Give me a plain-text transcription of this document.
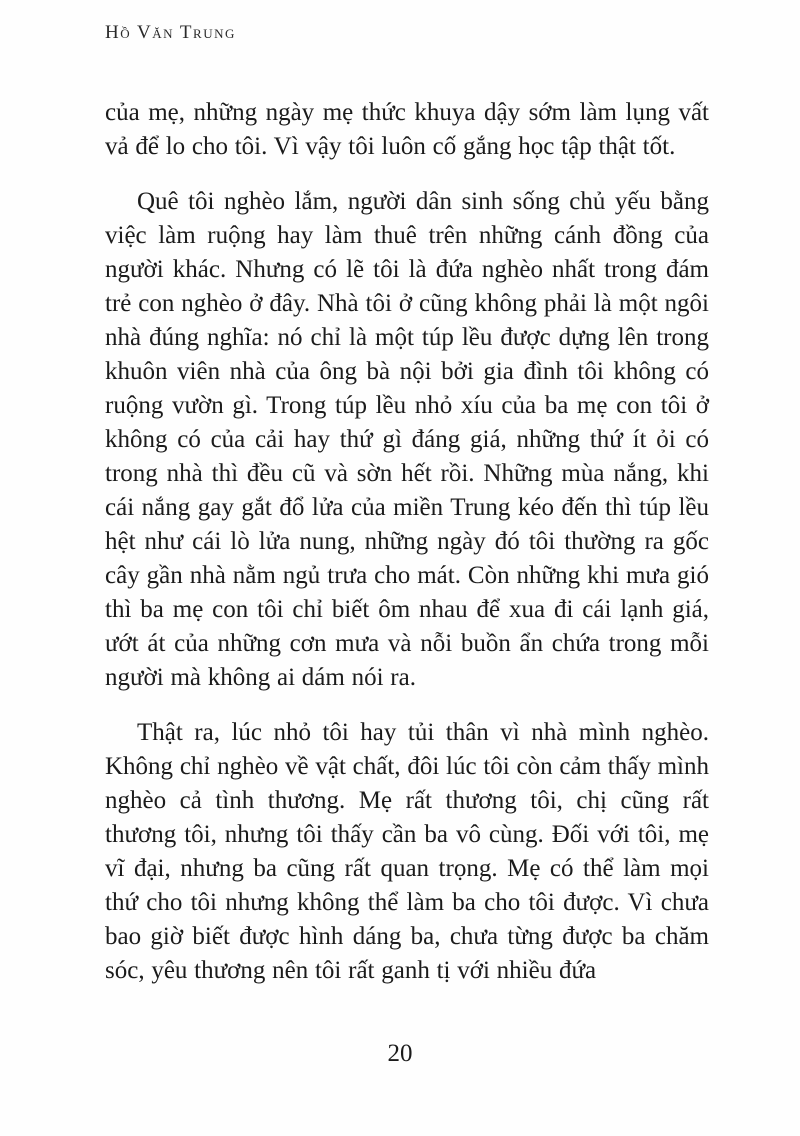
Hồ Văn Trung

của mẹ, những ngày mẹ thức khuya dậy sớm làm lụng vất vả để lo cho tôi. Vì vậy tôi luôn cố gắng học tập thật tốt.

Quê tôi nghèo lắm, người dân sinh sống chủ yếu bằng việc làm ruộng hay làm thuê trên những cánh đồng của người khác. Nhưng có lẽ tôi là đứa nghèo nhất trong đám trẻ con nghèo ở đây. Nhà tôi ở cũng không phải là một ngôi nhà đúng nghĩa: nó chỉ là một túp lều được dựng lên trong khuôn viên nhà của ông bà nội bởi gia đình tôi không có ruộng vườn gì. Trong túp lều nhỏ xíu của ba mẹ con tôi ở không có của cải hay thứ gì đáng giá, những thứ ít ỏi có trong nhà thì đều cũ và sờn hết rồi. Những mùa nắng, khi cái nắng gay gắt đổ lửa của miền Trung kéo đến thì túp lều hệt như cái lò lửa nung, những ngày đó tôi thường ra gốc cây gần nhà nằm ngủ trưa cho mát. Còn những khi mưa gió thì ba mẹ con tôi chỉ biết ôm nhau để xua đi cái lạnh giá, ướt át của những cơn mưa và nỗi buồn ẩn chứa trong mỗi người mà không ai dám nói ra.

Thật ra, lúc nhỏ tôi hay tủi thân vì nhà mình nghèo. Không chỉ nghèo về vật chất, đôi lúc tôi còn cảm thấy mình nghèo cả tình thương. Mẹ rất thương tôi, chị cũng rất thương tôi, nhưng tôi thấy cần ba vô cùng. Đối với tôi, mẹ vĩ đại, nhưng ba cũng rất quan trọng. Mẹ có thể làm mọi thứ cho tôi nhưng không thể làm ba cho tôi được. Vì chưa bao giờ biết được hình dáng ba, chưa từng được ba chăm sóc, yêu thương nên tôi rất ganh tị với nhiều đứa

20
